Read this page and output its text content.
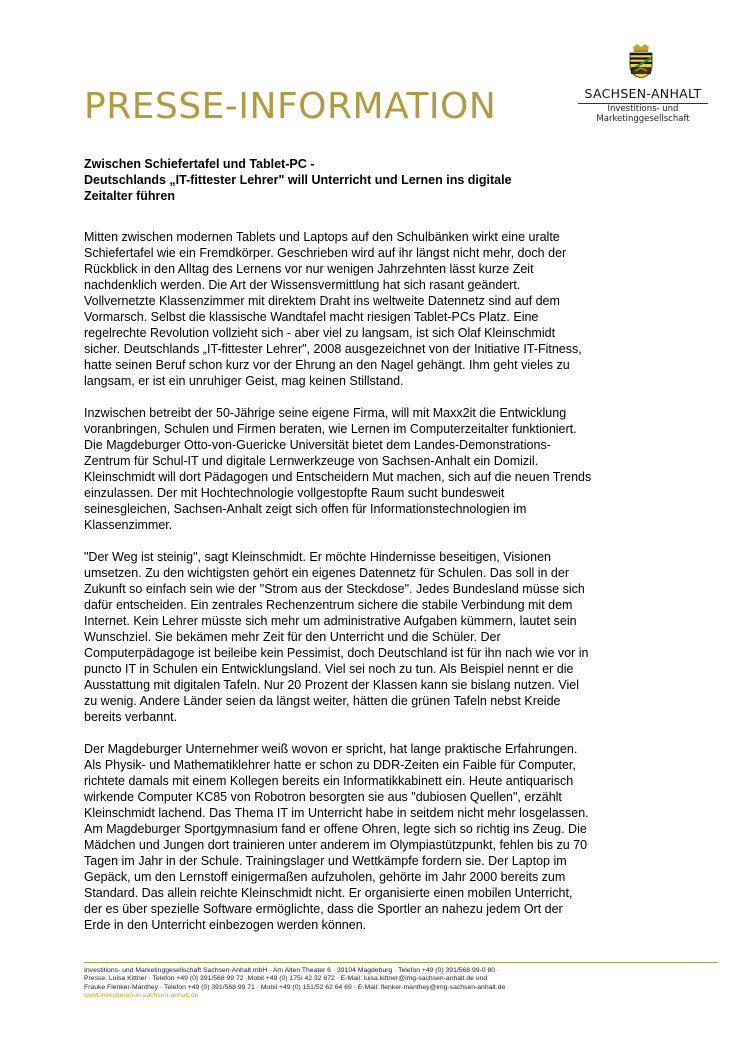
PRESSE-INFORMATION	SACHSEN-ANHALT
Investitions- und
Marketinggesellschaft
Zwischen Schiefertafel und Tablet-PC -
Deutschlands „IT-fittester Lehrer" will Unterricht und Lernen ins digitale
Zeitalter führen

Mitten zwischen modernen Tablets und Laptops auf den Schulbänken wirkt eine uralte
Schiefertafel wie ein Fremdkörper. Geschrieben wird auf ihr längst nicht mehr, doch der
Rückblick in den Alltag des Lernens vor nur wenigen Jahrzehnten lässt kurze Zeit
nachdenklich werden. Die Art der Wissensvermittlung hat sich rasant geändert.
Vollvernetzte Klassenzimmer mit direktem Draht ins weltweite Datennetz sind auf dem
Vormarsch. Selbst die klassische Wandtafel macht riesigen Tablet-PCs Platz. Eine
regelrechte Revolution vollzieht sich - aber viel zu langsam, ist sich Olaf Kleinschmidt
sicher. Deutschlands „IT-fittester Lehrer", 2008 ausgezeichnet von der Initiative IT-Fitness,
hatte seinen Beruf schon kurz vor der Ehrung an den Nagel gehängt. Ihm geht vieles zu
langsam, er ist ein unruhiger Geist, mag keinen Stillstand.

Inzwischen betreibt der 50-Jährige seine eigene Firma, will mit Maxx2it die Entwicklung
voranbringen, Schulen und Firmen beraten, wie Lernen im Computerzeitalter funktioniert.
Die Magdeburger Otto-von-Guericke Universität bietet dem Landes-Demonstrations-
Zentrum für Schul-IT und digitale Lernwerkzeuge von Sachsen-Anhalt ein Domizil.
Kleinschmidt will dort Pädagogen und Entscheidern Mut machen, sich auf die neuen Trends
einzulassen. Der mit Hochtechnologie vollgestopfte Raum sucht bundesweit
seinesgleichen, Sachsen-Anhalt zeigt sich offen für Informationstechnologien im
Klassenzimmer.

"Der Weg ist steinig", sagt Kleinschmidt. Er möchte Hindernisse beseitigen, Visionen
umsetzen. Zu den wichtigsten gehört ein eigenes Datennetz für Schulen. Das soll in der
Zukunft so einfach sein wie der "Strom aus der Steckdose". Jedes Bundesland müsse sich
dafür entscheiden. Ein zentrales Rechenzentrum sichere die stabile Verbindung mit dem
Internet. Kein Lehrer müsste sich mehr um administrative Aufgaben kümmern, lautet sein
Wunschziel. Sie bekämen mehr Zeit für den Unterricht und die Schüler. Der
Computerpädagoge ist beileibe kein Pessimist, doch Deutschland ist für ihn nach wie vor in
puncto IT in Schulen ein Entwicklungsland. Viel sei noch zu tun. Als Beispiel nennt er die
Ausstattung mit digitalen Tafeln. Nur 20 Prozent der Klassen kann sie bislang nutzen. Viel
zu wenig. Andere Länder seien da längst weiter, hätten die grünen Tafeln nebst Kreide
bereits verbannt.

Der Magdeburger Unternehmer weiß wovon er spricht, hat lange praktische Erfahrungen.
Als Physik- und Mathematiklehrer hatte er schon zu DDR-Zeiten ein Faible für Computer,
richtete damals mit einem Kollegen bereits ein Informatikkabinett ein. Heute antiquarisch
wirkende Computer KC85 von Robotron besorgten sie aus "dubiosen Quellen", erzählt
Kleinschmidt lachend. Das Thema IT im Unterricht habe in seitdem nicht mehr losgelassen.
Am Magdeburger Sportgymnasium fand er offene Ohren, legte sich so richtig ins Zeug. Die
Mädchen und Jungen dort trainieren unter anderem im Olympiastützpunkt, fehlen bis zu 70
Tagen im Jahr in der Schule. Trainingslager und Wettkämpfe fordern sie. Der Laptop im
Gepäck, um den Lernstoff einigermaßen aufzuholen, gehörte im Jahr 2000 bereits zum
Standard. Das allein reichte Kleinschmidt nicht. Er organisierte einen mobilen Unterricht,
der es über spezielle Software ermöglichte, dass die Sportler an nahezu jedem Ort der
Erde in den Unterricht einbezogen werden können.

Investitions- und Marketinggesellschaft Sachsen-Anhalt mbH · Am Alten Theater 6 · 39104 Magdeburg · Telefon +49 (0) 391/568 99-0 80 ·
Presse: Luisa Kittner · Telefon +49 (0) 391/568 99 72 ·Mobil +49 (0) 175/ 42 32 872 · E-Mail: luisa.kittner@img-sachsen-anhalt.de und
Frauke Flenker-Manthey · Telefon +49 (0) 391/568 99 71 · Mobil +49 (0) 151/52 62 64 69 · E-Mail: flenker-manthey@img-sachsen-anhalt.de
www.investieren-in-sachsen-anhalt.de
